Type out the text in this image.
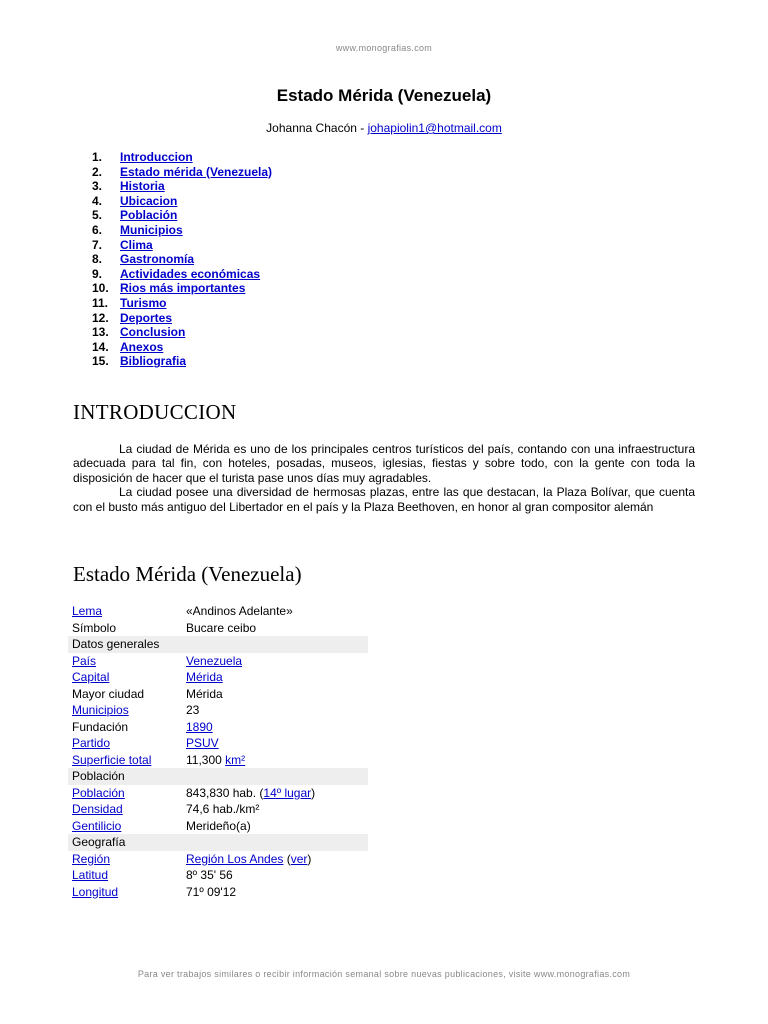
www.monografias.com
Estado Mérida (Venezuela)
Johanna Chacón - johapiolin1@hotmail.com
1. Introduccion
2. Estado mérida (Venezuela)
3. Historia
4. Ubicacion
5. Población
6. Municipios
7. Clima
8. Gastronomía
9. Actividades económicas
10. Rios más importantes
11. Turismo
12. Deportes
13. Conclusion
14. Anexos
15. Bibliografia
INTRODUCCION

La ciudad de Mérida es uno de los principales centros turísticos del país, contando con una infraestructura adecuada para tal fin, con hoteles, posadas, museos, iglesias, fiestas y sobre todo, con la gente con toda la disposición de hacer que el turista pase unos días muy agradables.

La ciudad posee una diversidad de hermosas plazas, entre las que destacan, la Plaza Bolívar, que cuenta con el busto más antiguo del Libertador en el país y la Plaza Beethoven, en honor al gran compositor alemán

Estado Mérida (Venezuela)
Lema	«Andinos Adelante»
Símbolo	Bucare ceibo
Datos generales	
País	Venezuela
Capital	Mérida
Mayor ciudad	Mérida
Municipios	23
Fundación	1890
Partido	PSUV
Superficie total	11,300 km²
Población	
Población	843,830 hab. (14º lugar)
Densidad	74,6 hab./km²
Gentilicio	Merideño(a)
Geografía	
Región	Región Los Andes (ver)
Latitud	8º 35' 56
Longitud	71º 09'12
Para ver trabajos similares o recibir información semanal sobre nuevas publicaciones, visite www.monografias.com
